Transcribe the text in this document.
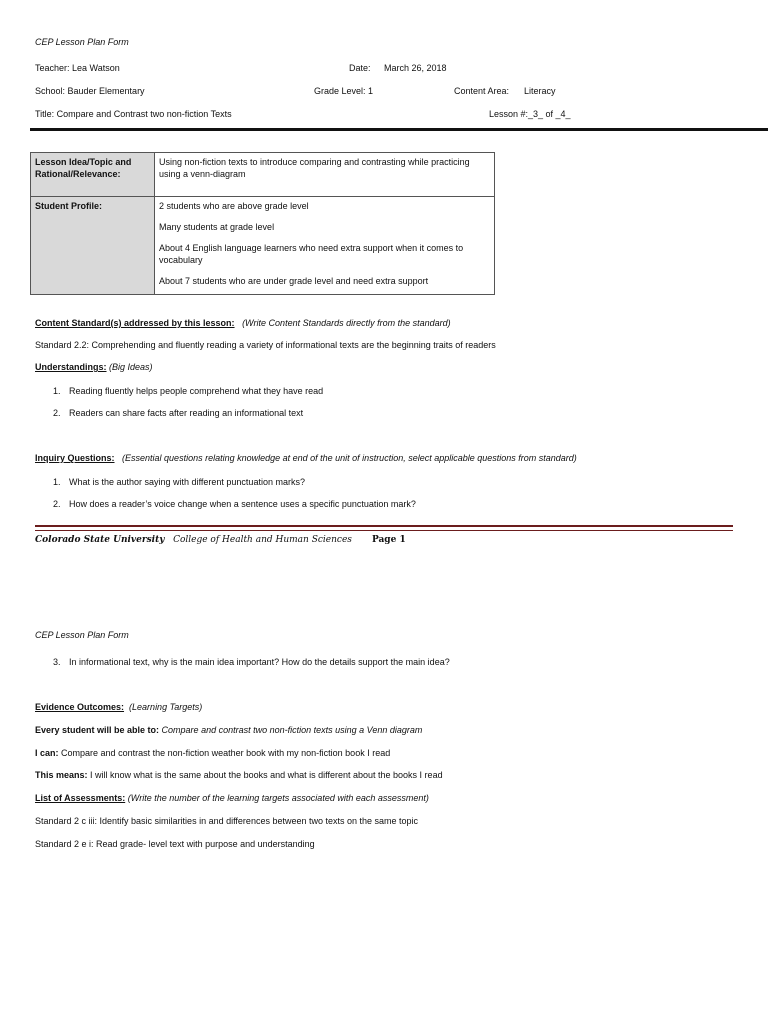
CEP Lesson Plan Form
Teacher: Lea Watson	Date: March 26, 2018
School: Bauder Elementary	Grade Level: 1	Content Area: Literacy
Title: Compare and Contrast two non-fiction Texts	Lesson #:_3_ of _4_
Lesson Idea/Topic and Rational/Relevance:	Using non-fiction texts to introduce comparing and contrasting while practicing using a venn-diagram
Student Profile:	2 students who are above grade level

Many students at grade level

About 4 English language learners who need extra support when it comes to vocabulary

About 7 students who are under grade level and need extra support

Content Standard(s) addressed by this lesson: (Write Content Standards directly from the standard)
Standard 2.2: Comprehending and fluently reading a variety of informational texts are the beginning traits of readers
Understandings: (Big Ideas)
1. Reading fluently helps people comprehend what they have read
2. Readers can share facts after reading an informational text
Inquiry Questions: (Essential questions relating knowledge at end of the unit of instruction, select applicable questions from standard)
1. What is the author saying with different punctuation marks?
2. How does a reader’s voice change when a sentence uses a specific punctuation mark?
Colorado State University College of Health and Human Sciences Page 1
CEP Lesson Plan Form
3. In informational text, why is the main idea important? How do the details support the main idea?
Evidence Outcomes: (Learning Targets)
Every student will be able to: Compare and contrast two non-fiction texts using a Venn diagram
I can: Compare and contrast the non-fiction weather book with my non-fiction book I read
This means: I will know what is the same about the books and what is different about the books I read
List of Assessments: (Write the number of the learning targets associated with each assessment)
Standard 2 c iii: Identify basic similarities in and differences between two texts on the same topic
Standard 2 e i: Read grade- level text with purpose and understanding
